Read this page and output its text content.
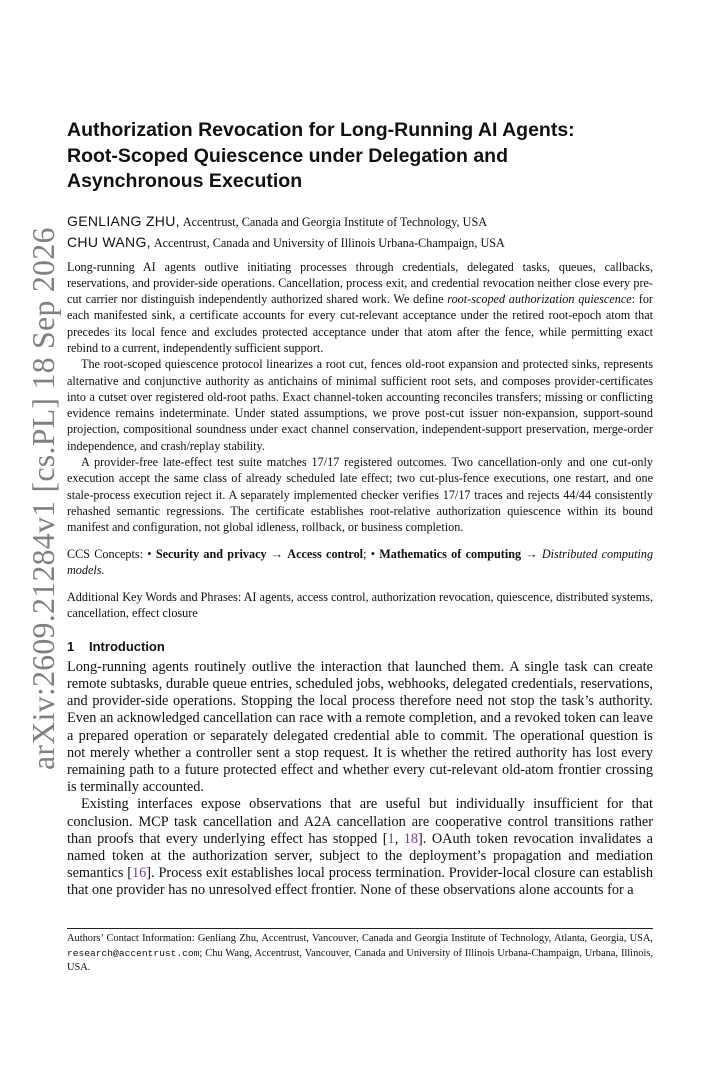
arXiv:2609.21284v1 [cs.PL] 18 Sep 2026
Authorization Revocation for Long-Running AI Agents:
Root-Scoped Quiescence under Delegation and
Asynchronous Execution
GENLIANG ZHU, Accentrust, Canada and Georgia Institute of Technology, USA
CHU WANG, Accentrust, Canada and University of Illinois Urbana-Champaign, USA

Long-running AI agents outlive initiating processes through credentials, delegated tasks, queues, callbacks, reservations, and provider-side operations. Cancellation, process exit, and credential revocation neither close every pre-cut carrier nor distinguish independently authorized shared work. We define root-scoped authorization quiescence: for each manifested sink, a certificate accounts for every cut-relevant acceptance under the retired root-epoch atom that precedes its local fence and excludes protected acceptance under that atom after the fence, while permitting exact rebind to a current, independently sufficient support.

The root-scoped quiescence protocol linearizes a root cut, fences old-root expansion and protected sinks, represents alternative and conjunctive authority as antichains of minimal sufficient root sets, and composes provider-certificates into a cutset over registered old-root paths. Exact channel-token accounting reconciles transfers; missing or conflicting evidence remains indeterminate. Under stated assumptions, we prove post-cut issuer non-expansion, support-sound projection, compositional soundness under exact channel conservation, independent-support preservation, merge-order independence, and crash/replay stability.

A provider-free late-effect test suite matches 17/17 registered outcomes. Two cancellation-only and one cut-only execution accept the same class of already scheduled late effect; two cut-plus-fence executions, one restart, and one stale-process execution reject it. A separately implemented checker verifies 17/17 traces and rejects 44/44 consistently rehashed semantic regressions. The certificate establishes root-relative authorization quiescence within its bound manifest and configuration, not global idleness, rollback, or business completion.

CCS Concepts: • Security and privacy → Access control; • Mathematics of computing → Distributed computing models.
Additional Key Words and Phrases: AI agents, access control, authorization revocation, quiescence, distributed systems, cancellation, effect closure
1 Introduction

Long-running agents routinely outlive the interaction that launched them. A single task can create remote subtasks, durable queue entries, scheduled jobs, webhooks, delegated credentials, reservations, and provider-side operations. Stopping the local process therefore need not stop the task’s authority. Even an acknowledged cancellation can race with a remote completion, and a revoked token can leave a prepared operation or separately delegated credential able to commit. The operational question is not merely whether a controller sent a stop request. It is whether the retired authority has lost every remaining path to a future protected effect and whether every cut-relevant old-atom frontier crossing is terminally accounted.

Existing interfaces expose observations that are useful but individually insufficient for that conclusion. MCP task cancellation and A2A cancellation are cooperative control transitions rather than proofs that every underlying effect has stopped [1, 18]. OAuth token revocation invalidates a named token at the authorization server, subject to the deployment’s propagation and mediation semantics [16]. Process exit establishes local process termination. Provider-local closure can establish that one provider has no unresolved effect frontier. None of these observations alone accounts for a

Authors’ Contact Information: Genliang Zhu, Accentrust, Vancouver, Canada and Georgia Institute of Technology, Atlanta, Georgia, USA, research@accentrust.com; Chu Wang, Accentrust, Vancouver, Canada and University of Illinois Urbana-Champaign, Urbana, Illinois, USA.
